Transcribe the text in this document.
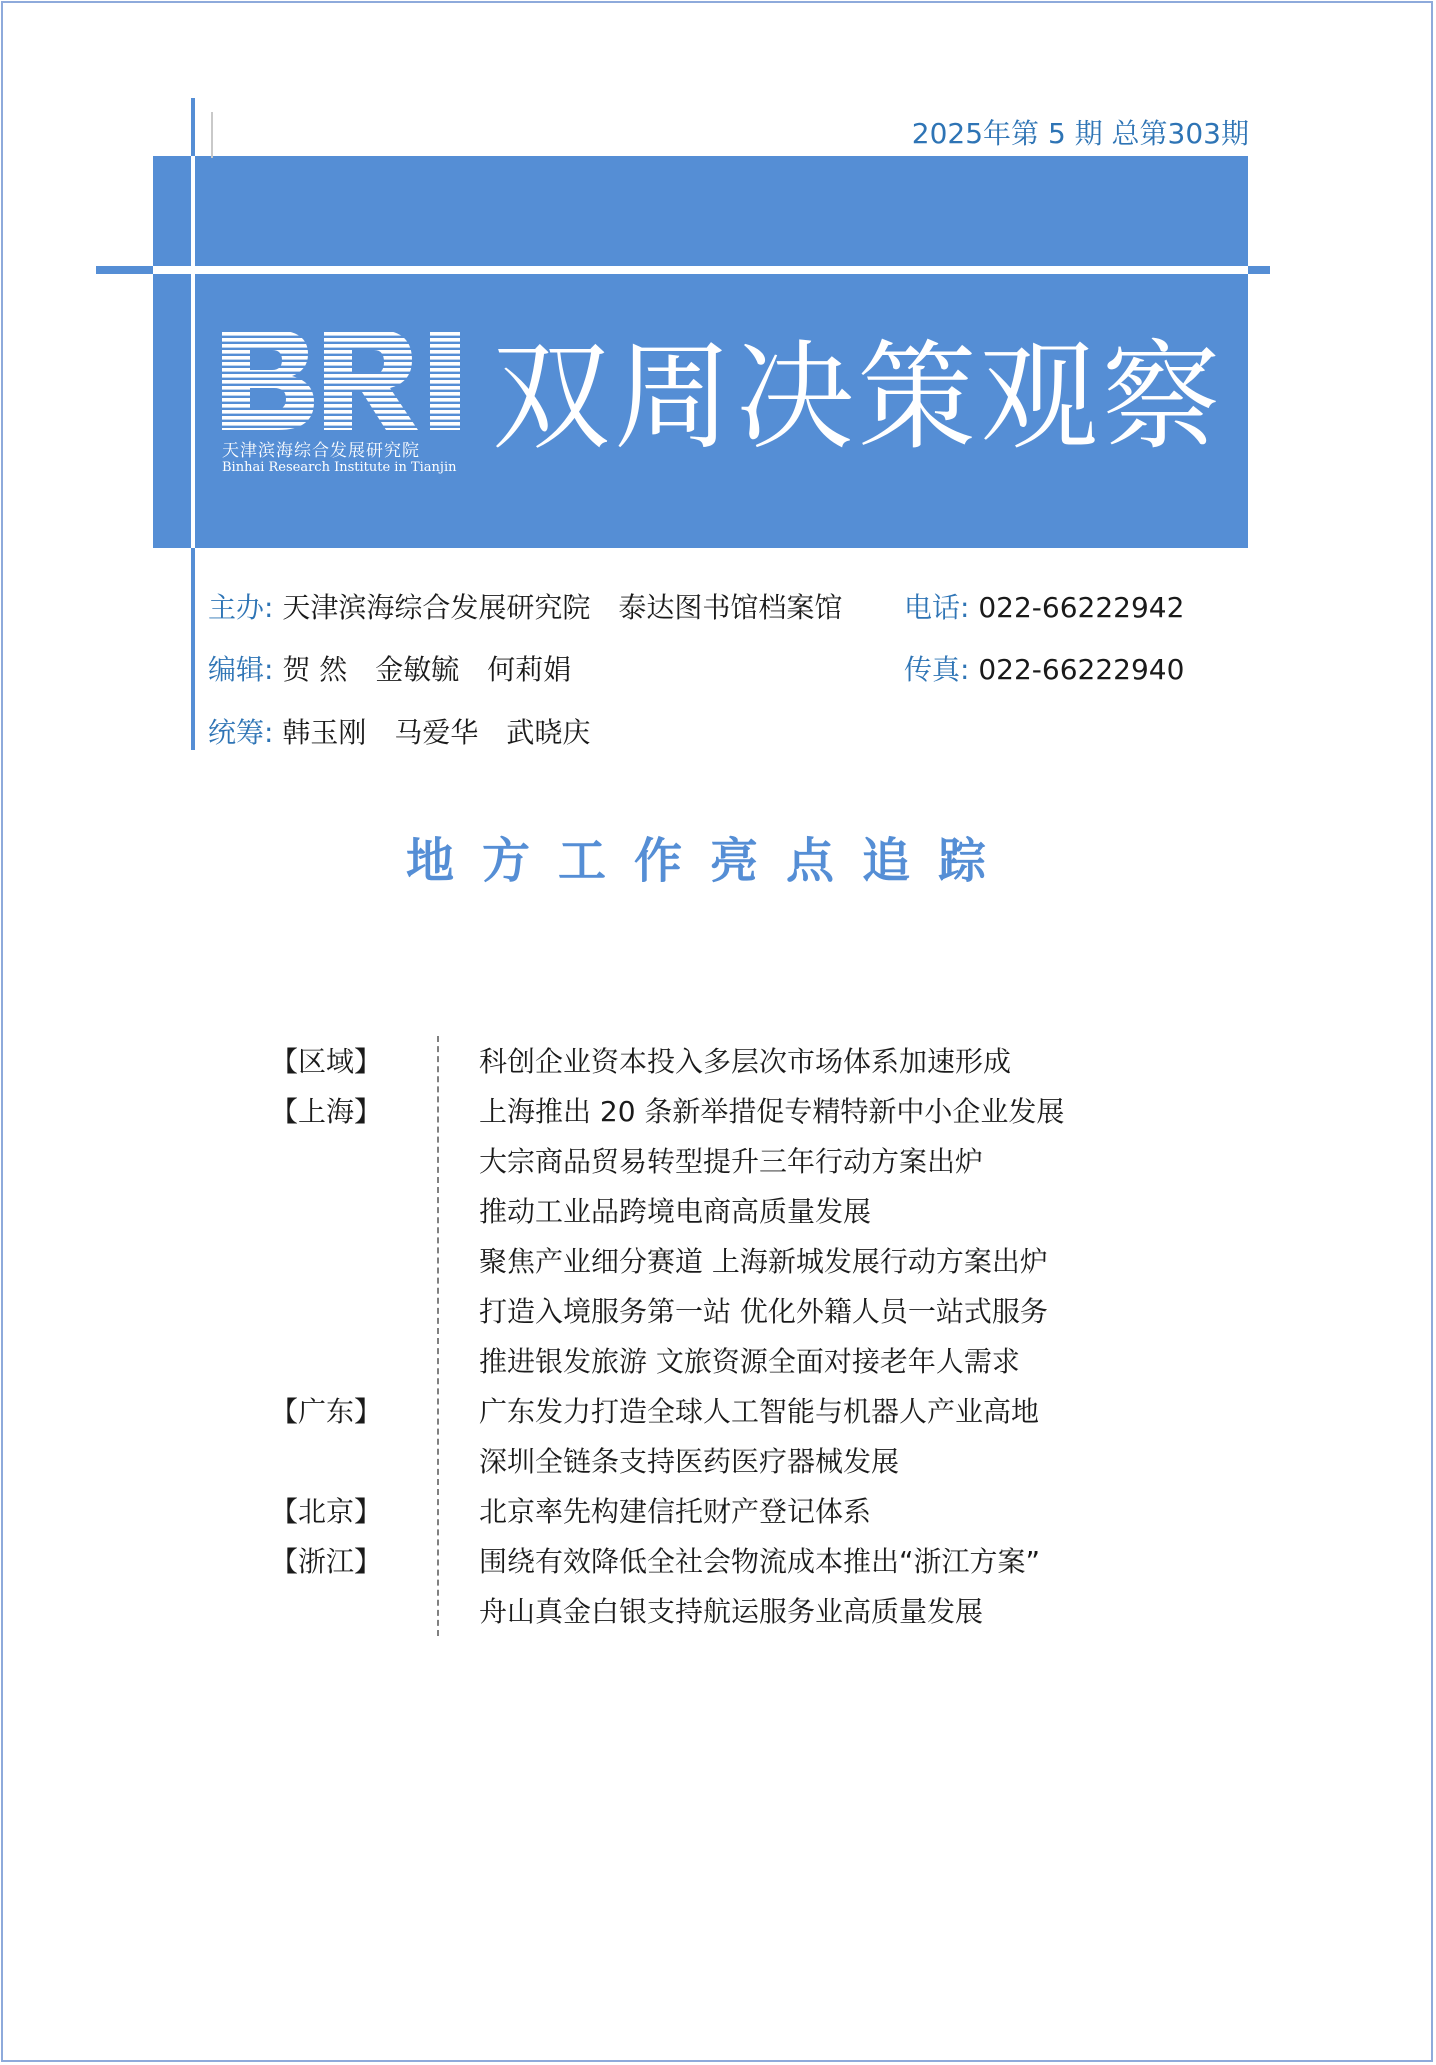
2025年第 5 期 总第303期
天津滨海综合发展研究院
Binhai Research Institute in Tianjin
双周决策观察
主办: 天津滨海综合发展研究院　泰达图书馆档案馆 电话: 022-66222942
编辑: 贺 然　金敏毓　何莉娟	传真: 022-66222940
统筹: 韩玉刚　马爱华　武晓庆
地方工作亮点追踪
【区域】	科创企业资本投入多层次市场体系加速形成
【上海】	上海推出 20 条新举措促专精特新中小企业发展
大宗商品贸易转型提升三年行动方案出炉
推动工业品跨境电商高质量发展
聚焦产业细分赛道 上海新城发展行动方案出炉
打造入境服务第一站 优化外籍人员一站式服务
推进银发旅游 文旅资源全面对接老年人需求
【广东】	广东发力打造全球人工智能与机器人产业高地
深圳全链条支持医药医疗器械发展
【北京】	北京率先构建信托财产登记体系
【浙江】	围绕有效降低全社会物流成本推出“浙江方案”
舟山真金白银支持航运服务业高质量发展
